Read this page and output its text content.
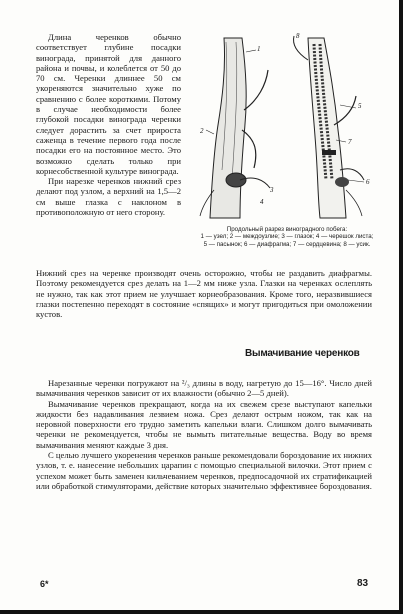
Длина черенков обычно соответствует глубине посадки винограда, принятой для данного района и почвы, и колеблется от 50 до 70 см. Черенки длиннее 50 см укореняются значительно хуже по сравнению с более короткими. Потому в случае необходимости более глубокой посадки винограда черенки следует дорастить за счет прироста саженца в течение первого года после посадки его на постоянное место. Это возможно сделать только при корнесобственной культуре винограда.

При нарезке черенков нижний срез делают под узлом, а верхний на 1,5—2 см выше глазка с наклоном в противоположную от него сторону.

1
2
3
4
5
6
7
8
Продольный разрез виноградного побега:
1 — узел; 2 — междоузлие; 3 — глазок; 4 — черешок листа; 5 — пасынок; 6 — диафрагма; 7 — сердцевина; 8 — усик.

Нижний срез на черенке производят очень осторожно, чтобы не раздавить диафрагмы. Поэтому рекомендуется срез делать на 1—2 мм ниже узла. Глазки на черенках ослеплять не нужно, так как этот прием не улучшает корнеобразования. Кроме того, неразвившиеся глазки постепенно переходят в состояние «спящих» и могут пригодиться при омоложении кустов.

Вымачивание черенков

Нарезанные черенки погружают на ²/₃ длины в воду, нагретую до 15—16°. Число дней вымачивания черенков зависит от их влажности (обычно 2—5 дней).

Вымачивание черенков прекращают, когда на их свежем срезе выступают капельки жидкости без надавливания лезвием ножа. Срез делают острым ножом, так как на неровной поверхности его трудно заметить капельки влаги. Слишком долго вымачивать черенки не рекомендуется, чтобы не вымыть питательные вещества. Воду во время вымачивания меняют каждые 3 дня.

С целью лучшего укоренения черенков раньше рекомендовали бороздование их нижних узлов, т. е. нанесение небольших царапин с помощью специальной вилочки. Этот прием с успехом может быть заменен кильчеванием черенков, предпосадочной их стратификацией или обработкой стимуляторами, действие которых значительно эффективнее бороздования.

6*	83
